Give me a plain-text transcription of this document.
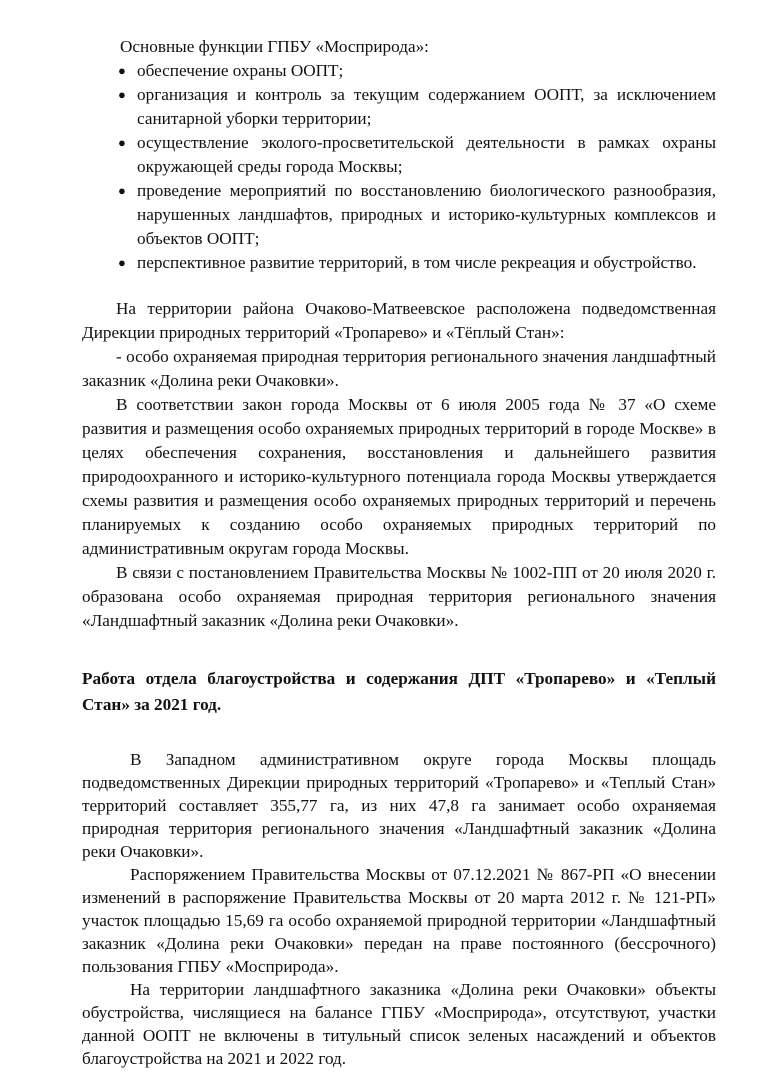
Основные функции ГПБУ «Мосприрода»:

● обеспечение охраны ООПТ;
● организация и контроль за текущим содержанием ООПТ, за исключением санитарной уборки территории;
● осуществление эколого-просветительской деятельности в рамках охраны окружающей среды города Москвы;
● проведение мероприятий по восстановлению биологического разнообразия, нарушенных ландшафтов, природных и историко-культурных комплексов и объектов ООПТ;
● перспективное развитие территорий, в том числе рекреация и обустройство.

На территории района Очаково-Матвеевское расположена подведомственная Дирекции природных территорий «Тропарево» и «Тёплый Стан»:

- особо охраняемая природная территория регионального значения ландшафтный заказник «Долина реки Очаковки».

В соответствии закон города Москвы от 6 июля 2005 года № 37 «О схеме развития и размещения особо охраняемых природных территорий в городе Москве» в целях обеспечения сохранения, восстановления и дальнейшего развития природоохранного и историко-культурного потенциала города Москвы утверждается схемы развития и размещения особо охраняемых природных территорий и перечень планируемых к созданию особо охраняемых природных территорий по административным округам города Москвы.

В связи с постановлением Правительства Москвы № 1002-ПП от 20 июля 2020 г. образована особо охраняемая природная территория регионального значения «Ландшафтный заказник «Долина реки Очаковки».

Работа отдела благоустройства и содержания ДПТ «Тропарево» и «Теплый Стан» за 2021 год.

В Западном административном округе города Москвы площадь подведомственных Дирекции природных территорий «Тропарево» и «Теплый Стан» территорий составляет 355,77 га, из них 47,8 га занимает особо охраняемая природная территория регионального значения «Ландшафтный заказник «Долина реки Очаковки».

Распоряжением Правительства Москвы от 07.12.2021 № 867-РП «О внесении изменений в распоряжение Правительства Москвы от 20 марта 2012 г. № 121-РП» участок площадью 15,69 га особо охраняемой природной территории «Ландшафтный заказник «Долина реки Очаковки» передан на праве постоянного (бессрочного) пользования ГПБУ «Мосприрода».

На территории ландшафтного заказника «Долина реки Очаковки» объекты обустройства, числящиеся на балансе ГПБУ «Мосприрода», отсутствуют, участки данной ООПТ не включены в титульный список зеленых насаждений и объектов благоустройства на 2021 и 2022 год.
